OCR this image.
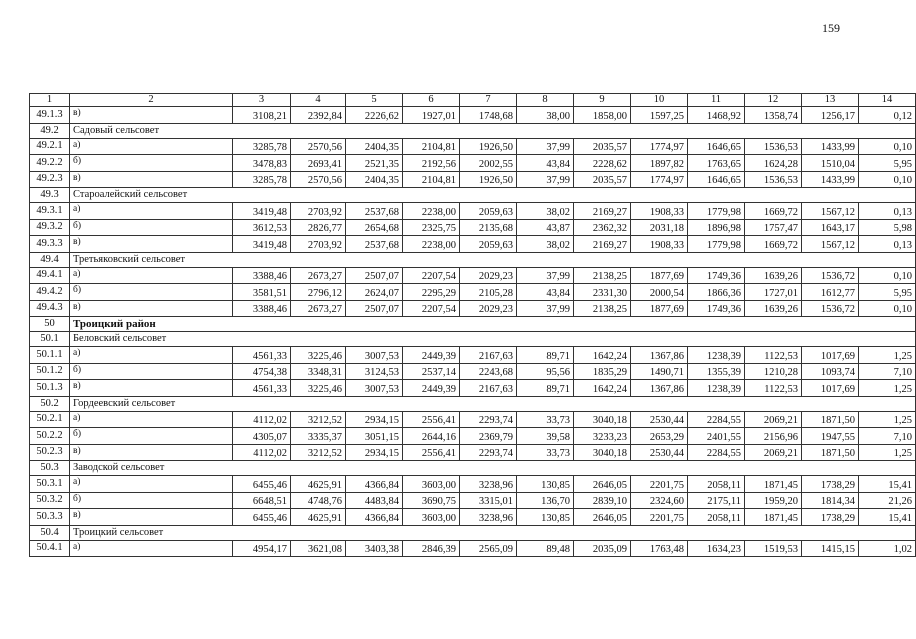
159
1	2	3	4	5	6	7	8	9	10	11	12	13	14
49.1.3	в)	3108,21	2392,84	2226,62	1927,01	1748,68	38,00	1858,00	1597,25	1468,92	1358,74	1256,17	0,12
49.2	Садовый сельсовет												
49.2.1	а)	3285,78	2570,56	2404,35	2104,81	1926,50	37,99	2035,57	1774,97	1646,65	1536,53	1433,99	0,10
49.2.2	б)	3478,83	2693,41	2521,35	2192,56	2002,55	43,84	2228,62	1897,82	1763,65	1624,28	1510,04	5,95
49.2.3	в)	3285,78	2570,56	2404,35	2104,81	1926,50	37,99	2035,57	1774,97	1646,65	1536,53	1433,99	0,10
49.3	Староалейский сельсовет												
49.3.1	а)	3419,48	2703,92	2537,68	2238,00	2059,63	38,02	2169,27	1908,33	1779,98	1669,72	1567,12	0,13
49.3.2	б)	3612,53	2826,77	2654,68	2325,75	2135,68	43,87	2362,32	2031,18	1896,98	1757,47	1643,17	5,98
49.3.3	в)	3419,48	2703,92	2537,68	2238,00	2059,63	38,02	2169,27	1908,33	1779,98	1669,72	1567,12	0,13
49.4	Третьяковский сельсовет												
49.4.1	а)	3388,46	2673,27	2507,07	2207,54	2029,23	37,99	2138,25	1877,69	1749,36	1639,26	1536,72	0,10
49.4.2	б)	3581,51	2796,12	2624,07	2295,29	2105,28	43,84	2331,30	2000,54	1866,36	1727,01	1612,77	5,95
49.4.3	в)	3388,46	2673,27	2507,07	2207,54	2029,23	37,99	2138,25	1877,69	1749,36	1639,26	1536,72	0,10
50	Троицкий район												
50.1	Беловский сельсовет												
50.1.1	а)	4561,33	3225,46	3007,53	2449,39	2167,63	89,71	1642,24	1367,86	1238,39	1122,53	1017,69	1,25
50.1.2	б)	4754,38	3348,31	3124,53	2537,14	2243,68	95,56	1835,29	1490,71	1355,39	1210,28	1093,74	7,10
50.1.3	в)	4561,33	3225,46	3007,53	2449,39	2167,63	89,71	1642,24	1367,86	1238,39	1122,53	1017,69	1,25
50.2	Гордеевский сельсовет												
50.2.1	а)	4112,02	3212,52	2934,15	2556,41	2293,74	33,73	3040,18	2530,44	2284,55	2069,21	1871,50	1,25
50.2.2	б)	4305,07	3335,37	3051,15	2644,16	2369,79	39,58	3233,23	2653,29	2401,55	2156,96	1947,55	7,10
50.2.3	в)	4112,02	3212,52	2934,15	2556,41	2293,74	33,73	3040,18	2530,44	2284,55	2069,21	1871,50	1,25
50.3	Заводской сельсовет												
50.3.1	а)	6455,46	4625,91	4366,84	3603,00	3238,96	130,85	2646,05	2201,75	2058,11	1871,45	1738,29	15,41
50.3.2	б)	6648,51	4748,76	4483,84	3690,75	3315,01	136,70	2839,10	2324,60	2175,11	1959,20	1814,34	21,26
50.3.3	в)	6455,46	4625,91	4366,84	3603,00	3238,96	130,85	2646,05	2201,75	2058,11	1871,45	1738,29	15,41
50.4	Троицкий сельсовет												
50.4.1	а)	4954,17	3621,08	3403,38	2846,39	2565,09	89,48	2035,09	1763,48	1634,23	1519,53	1415,15	1,02
